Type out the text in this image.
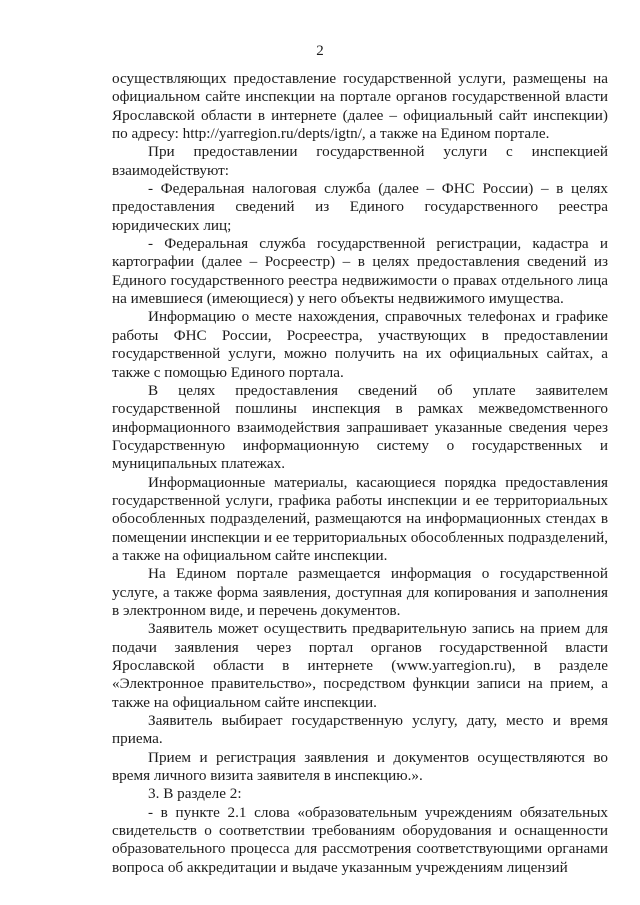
2

осуществляющих предоставление государственной услуги, размещены на официальном сайте инспекции на портале органов государственной власти Ярославской области в интернете (далее – официальный сайт инспекции) по адресу: http://yarregion.ru/depts/igtn/, а также на Едином портале.

При предоставлении государственной услуги с инспекцией взаимодействуют:

- Федеральная налоговая служба (далее – ФНС России) – в целях предоставления сведений из Единого государственного реестра юридических лиц;

- Федеральная служба государственной регистрации, кадастра и картографии (далее – Росреестр) – в целях предоставления сведений из Единого государственного реестра недвижимости о правах отдельного лица на имевшиеся (имеющиеся) у него объекты недвижимого имущества.

Информацию о месте нахождения, справочных телефонах и графике работы ФНС России, Росреестра, участвующих в предоставлении государственной услуги, можно получить на их официальных сайтах, а также с помощью Единого портала.

В целях предоставления сведений об уплате заявителем государственной пошлины инспекция в рамках межведомственного информационного взаимодействия запрашивает указанные сведения через Государственную информационную систему о государственных и муниципальных платежах.

Информационные материалы, касающиеся порядка предоставления государственной услуги, графика работы инспекции и ее территориальных обособленных подразделений, размещаются на информационных стендах в помещении инспекции и ее территориальных обособленных подразделений, а также на официальном сайте инспекции.

На Едином портале размещается информация о государственной услуге, а также форма заявления, доступная для копирования и заполнения в электронном виде, и перечень документов.

Заявитель может осуществить предварительную запись на прием для подачи заявления через портал органов государственной власти Ярославской области в интернете (www.yarregion.ru), в разделе «Электронное правительство», посредством функции записи на прием, а также на официальном сайте инспекции.

Заявитель выбирает государственную услугу, дату, место и время приема.

Прием и регистрация заявления и документов осуществляются во время личного визита заявителя в инспекцию.».

3. В разделе 2:

- в пункте 2.1 слова «образовательным учреждениям обязательных свидетельств о соответствии требованиям оборудования и оснащенности образовательного процесса для рассмотрения соответствующими органами вопроса об аккредитации и выдаче указанным учреждениям лицензий
